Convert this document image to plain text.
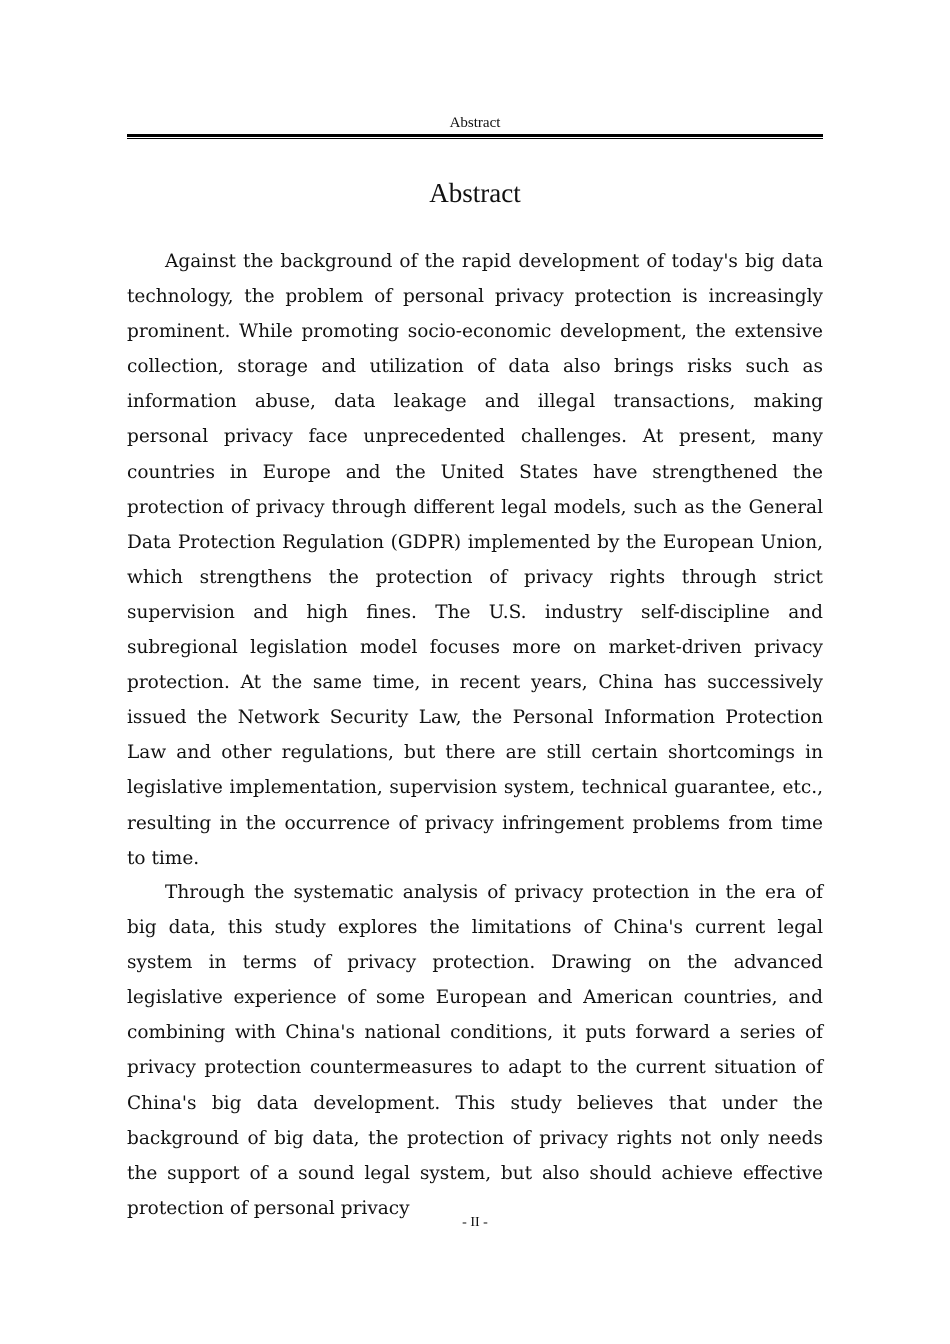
Abstract
Abstract

Against the background of the rapid development of today's big data technology, the problem of personal privacy protection is increasingly prominent. While promoting socio-economic development, the extensive collection, storage and utilization of data also brings risks such as information abuse, data leakage and illegal transactions, making personal privacy face unprecedented challenges. At present, many countries in Europe and the United States have strengthened the protection of privacy through different legal models, such as the General Data Protection Regulation (GDPR) implemented by the European Union, which strengthens the protection of privacy rights through strict supervision and high fines. The U.S. industry self-discipline and subregional legislation model focuses more on market-driven privacy protection. At the same time, in recent years, China has successively issued the Network Security Law, the Personal Information Protection Law and other regulations, but there are still certain shortcomings in legislative implementation, supervision system, technical guarantee, etc., resulting in the occurrence of privacy infringement problems from time to time.

Through the systematic analysis of privacy protection in the era of big data, this study explores the limitations of China's current legal system in terms of privacy protection. Drawing on the advanced legislative experience of some European and American countries, and combining with China's national conditions, it puts forward a series of privacy protection countermeasures to adapt to the current situation of China's big data development. This study believes that under the background of big data, the protection of privacy rights not only needs the support of a sound legal system, but also should achieve effective protection of personal privacy

- II -
